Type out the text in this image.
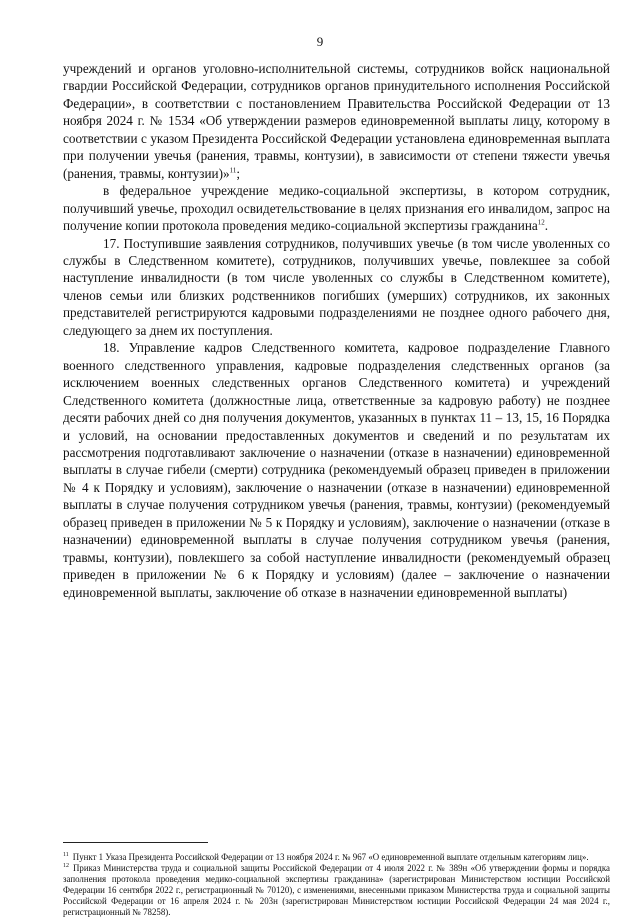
9

учреждений и органов уголовно-исполнительной системы, сотрудников войск национальной гвардии Российской Федерации, сотрудников органов принудительного исполнения Российской Федерации», в соответствии с постановлением Правительства Российской Федерации от 13 ноября 2024 г. № 1534 «Об утверждении размеров единовременной выплаты лицу, которому в соответствии с указом Президента Российской Федерации установлена единовременная выплата при получении увечья (ранения, травмы, контузии), в зависимости от степени тяжести увечья (ранения, травмы, контузии)»$^{11}$;

в федеральное учреждение медико-социальной экспертизы, в котором сотрудник, получивший увечье, проходил освидетельствование в целях признания его инвалидом, запрос на получение копии протокола проведения медико-социальной экспертизы гражданина$^{12}$.

17. Поступившие заявления сотрудников, получивших увечье (в том числе уволенных со службы в Следственном комитете), сотрудников, получивших увечье, повлекшее за собой наступление инвалидности (в том числе уволенных со службы в Следственном комитете), членов семьи или близких родственников погибших (умерших) сотрудников, их законных представителей регистрируются кадровыми подразделениями не позднее одного рабочего дня, следующего за днем их поступления.

18. Управление кадров Следственного комитета, кадровое подразделение Главного военного следственного управления, кадровые подразделения следственных органов (за исключением военных следственных органов Следственного комитета) и учреждений Следственного комитета (должностные лица, ответственные за кадровую работу) не позднее десяти рабочих дней со дня получения документов, указанных в пунктах 11 – 13, 15, 16 Порядка и условий, на основании предоставленных документов и сведений и по результатам их рассмотрения подготавливают заключение о назначении (отказе в назначении) единовременной выплаты в случае гибели (смерти) сотрудника (рекомендуемый образец приведен в приложении № 4 к Порядку и условиям), заключение о назначении (отказе в назначении) единовременной выплаты в случае получения сотрудником увечья (ранения, травмы, контузии) (рекомендуемый образец приведен в приложении № 5 к Порядку и условиям), заключение о назначении (отказе в назначении) единовременной выплаты в случае получения сотрудником увечья (ранения, травмы, контузии), повлекшего за собой наступление инвалидности (рекомендуемый образец приведен в приложении № 6 к Порядку и условиям) (далее – заключение о назначении единовременной выплаты, заключение об отказе в назначении единовременной выплаты)

$^{11}$ Пункт 1 Указа Президента Российской Федерации от 13 ноября 2024 г. № 967 «О единовременной выплате отдельным категориям лиц».

$^{12}$ Приказ Министерства труда и социальной защиты Российской Федерации от 4 июля 2022 г. № 389н «Об утверждении формы и порядка заполнения протокола проведения медико-социальной экспертизы гражданина» (зарегистрирован Министерством юстиции Российской Федерации 16 сентября 2022 г., регистрационный № 70120), с изменениями, внесенными приказом Министерства труда и социальной защиты Российской Федерации от 16 апреля 2024 г. № 203н (зарегистрирован Министерством юстиции Российской Федерации 24 мая 2024 г., регистрационный № 78258).
